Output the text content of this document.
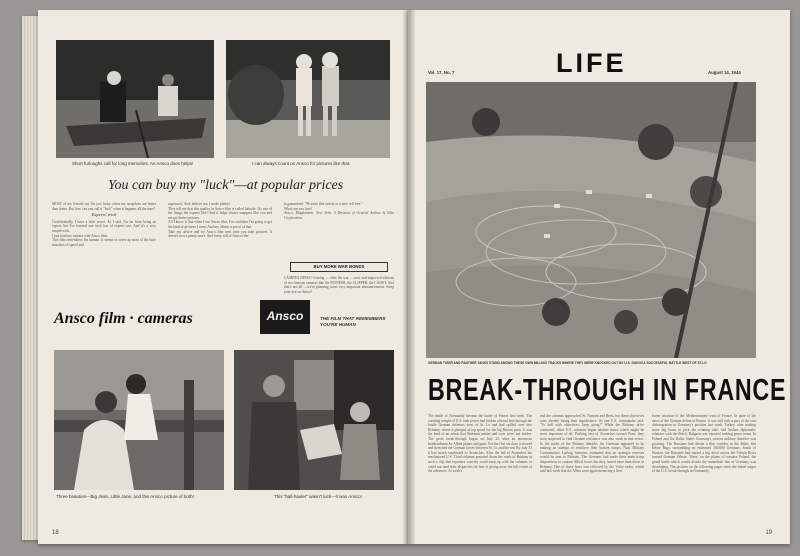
Short furloughs call for long memories. An Ansco does helps!	I can always count on Ansco for pictures like that.
You can buy my "luck"—at popular prices
MOST of my friends say I'm just lucky when my snapshots are better than theirs. But how can you call it "luck" when it happens all the time?
Experts' trick
Confidentially, I have a little secret. As I said, I'm far from being an expert, but I've learned one trick lots of experts use. And it's a very simple trick.
I just load my camera with Ansco film.
This film remembers I'm human. It seems to cover up most of the little mistakes of speed and
exposure). And, believe me, I make plenty!
They tell me that this quality in Ansco film is called latitude. It's one of the things the experts like! And it helps cluster snappers like you and me get better pictures.
All I know is that when I use Ansco film, I'm confident I'm going to get the kind of pictures I want. And my album is proof of that.
Take my advice and try Ansco film next time you take pictures. It doesn't cost a penny more. And every roll of Ansco film
is guaranteed: "Pictures that satisfy or a new roll free."
What can you lose?
Ansco, Binghamton, New York. A Division of General Aniline & Film Corporation.
BUY MORE WAR BONDS
CAMERA NEWS! Coming — after the war — new and improved editions of two famous cameras like the PIONEER, the CLIPPER, the CADET. And that's not all —we're planning some very important announcements. Keep your eye on Ansco!
Ansco film · cameras	Ansco	THE FILM THAT REMEMBERS YOU'RE HUMAN
Three beauties—Big Jean, Little Jane, and this Ansco picture of both!	This "ball-hauler" wasn't luck—it was Ansco!
18
Vol. 17, No. 7	LIFE	August 14, 1944
GERMAN TIGER AND PANTHER TANKS STAND AMONG THESE OWN MILLING TRACKS WHERE THEY WERE KNOCKED OUT BY U.S. GUN IN A SUCCESSFUL BATTLE WEST OF ST.LO
BREAK-THROUGH IN FRANCE
The battle of Normandy became the battle of France last week. The crashing weight of U.S. tank power had broken a broad lane through the brittle German defenses west of St. Lo and had spilled over into Brittany, where it plunged at top speed for the big Breton ports. It was the kind of an attack that Sherman armies and wars were, not battles. The great break-through began on July 25, after an enormous bombardment by Allied planes and guns. For the first six days it slowed and stretched the German forces between St. Lo and the sea. By July 31 it had struck southward to Avranches. After the fall of Avranches the mechanized U.S. Third columns pounded down the roads of Brittany at such a clip that reporters scarcely could keep up with the columns or could not send their dispatches for fear of giving away the full extent of the advances. At week's
end the columns approached St. Nazaire and Brest, but these objectives were already losing their significance. As one U.S. commander said: "To hell with objectives, keep going!" While the Brittany drive continued, other U.S. columns began another thrust which might be most important of all. Pushing east of Avranches toward Paris, they soon surprised to find German resistance was also weak in that sector. In the midst of the Brittany debacle, the Germans appeared to be making an attempt to reinforce their broken troops. Nazi Military Commentator Ludwig Sertorius estimated that no strategic reserves would be sent to Brittany. The Germans had made their main troop dispositions to contain Allied forces but they feared more than those in Brittany. One of these fears was reflected by the Vichy radio, which said last week that the Allies were again menacing a fleet
borne invasion of the Mediterranean coast of France. In spite of the news of the German defeat in France, it was still only a part of the vast disintegration in Germany's position last week. Turkey, after making more big loans to pick the winning side, had broken diplomatic relations with the Reich. Bulgaria was reported seeking peace terms. In Poland and the Baltic States Germany's eastern military disorder was growing. The Russians had driven a thin corridor to the Baltic Sea below Riga, surrounding an estimated 300,000 Germans. South of Warsaw the Russians had started a big drive across the Vistula River toward German Silesia. There, on the plains of western Poland, the grand battle which would decide the immediate fate of Germany was developing. The pictures on the following pages show the initial stages of the U.S. break-through in Normandy.
19
